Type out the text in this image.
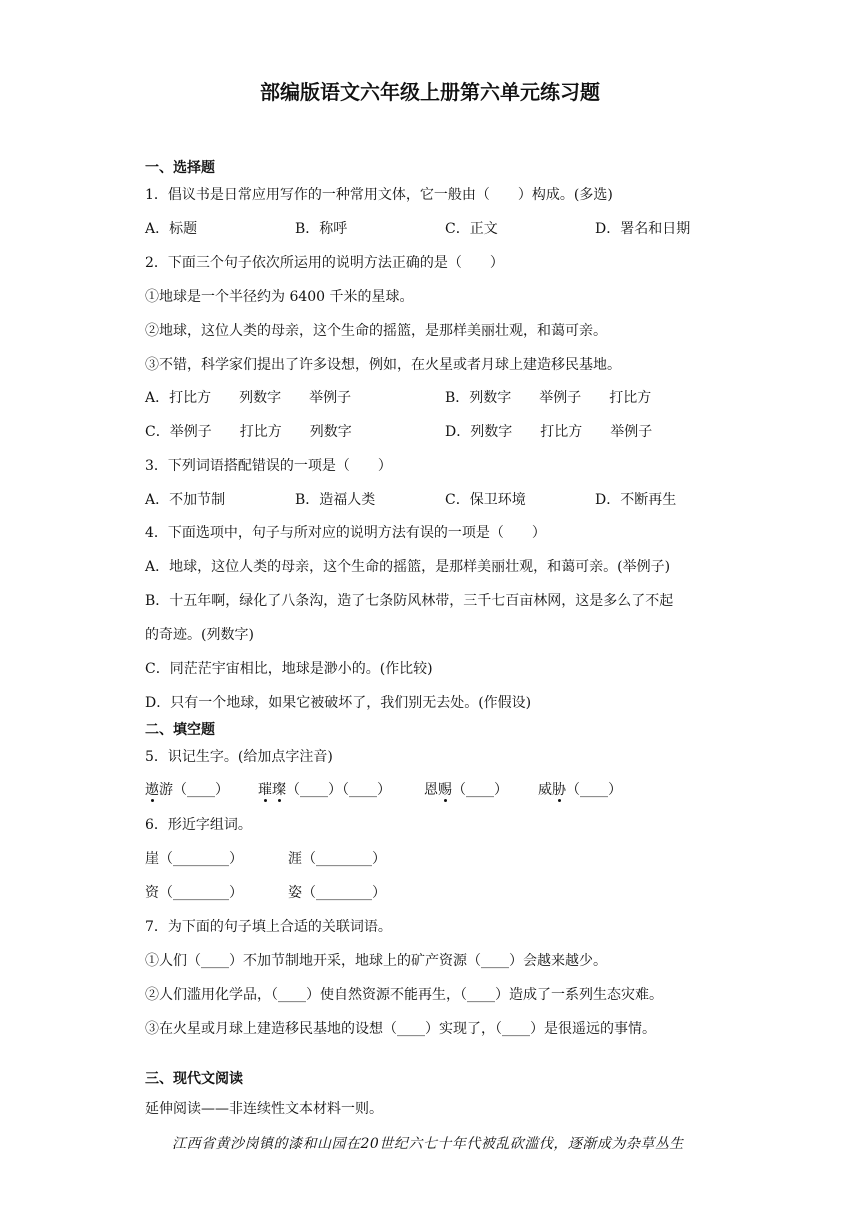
部编版语文六年级上册第六单元练习题
一、选择题
1．倡议书是日常应用写作的一种常用文体，它一般由（　　）构成。(多选)
A．标题	B．称呼	C．正文	D．署名和日期
2．下面三个句子依次所运用的说明方法正确的是（　　）
①地球是一个半径约为 6400 千米的星球。
②地球，这位人类的母亲，这个生命的摇篮，是那样美丽壮观，和蔼可亲。
③不错，科学家们提出了许多设想，例如，在火星或者月球上建造移民基地。
A．打比方　　列数字　　举例子	B．列数字　　举例子　　打比方
C．举例子　　打比方　　列数字	D．列数字　　打比方　　举例子
3．下列词语搭配错误的一项是（　　）
A．不加节制	B．造福人类	C．保卫环境	D．不断再生
4．下面选项中，句子与所对应的说明方法有误的一项是（　　）
A．地球，这位人类的母亲，这个生命的摇篮，是那样美丽壮观，和蔼可亲。(举例子)
B．十五年啊，绿化了八条沟，造了七条防风林带，三千七百亩林网，这是多么了不起
的奇迹。(列数字)
C．同茫茫宇宙相比，地球是渺小的。(作比较)
D．只有一个地球，如果它被破坏了，我们别无去处。(作假设)
二、填空题
5．识记生字。(给加点字注音)
遨游（____） 璀璨（____）（____） 恩赐（____） 威胁（____）
6．形近字组词。
崖（________）	涯（________）
资（________）	姿（________）
7．为下面的句子填上合适的关联词语。
①人们（____）不加节制地开采，地球上的矿产资源（____）会越来越少。
②人们滥用化学品，（____）使自然资源不能再生，（____）造成了一系列生态灾难。
③在火星或月球上建造移民基地的设想（____）实现了，（____）是很遥远的事情。
三、现代文阅读
延伸阅读——非连续性文本材料一则。
江西省黄沙岗镇的漆和山园在20世纪六七十年代被乱砍滥伐，逐渐成为杂草丛生
